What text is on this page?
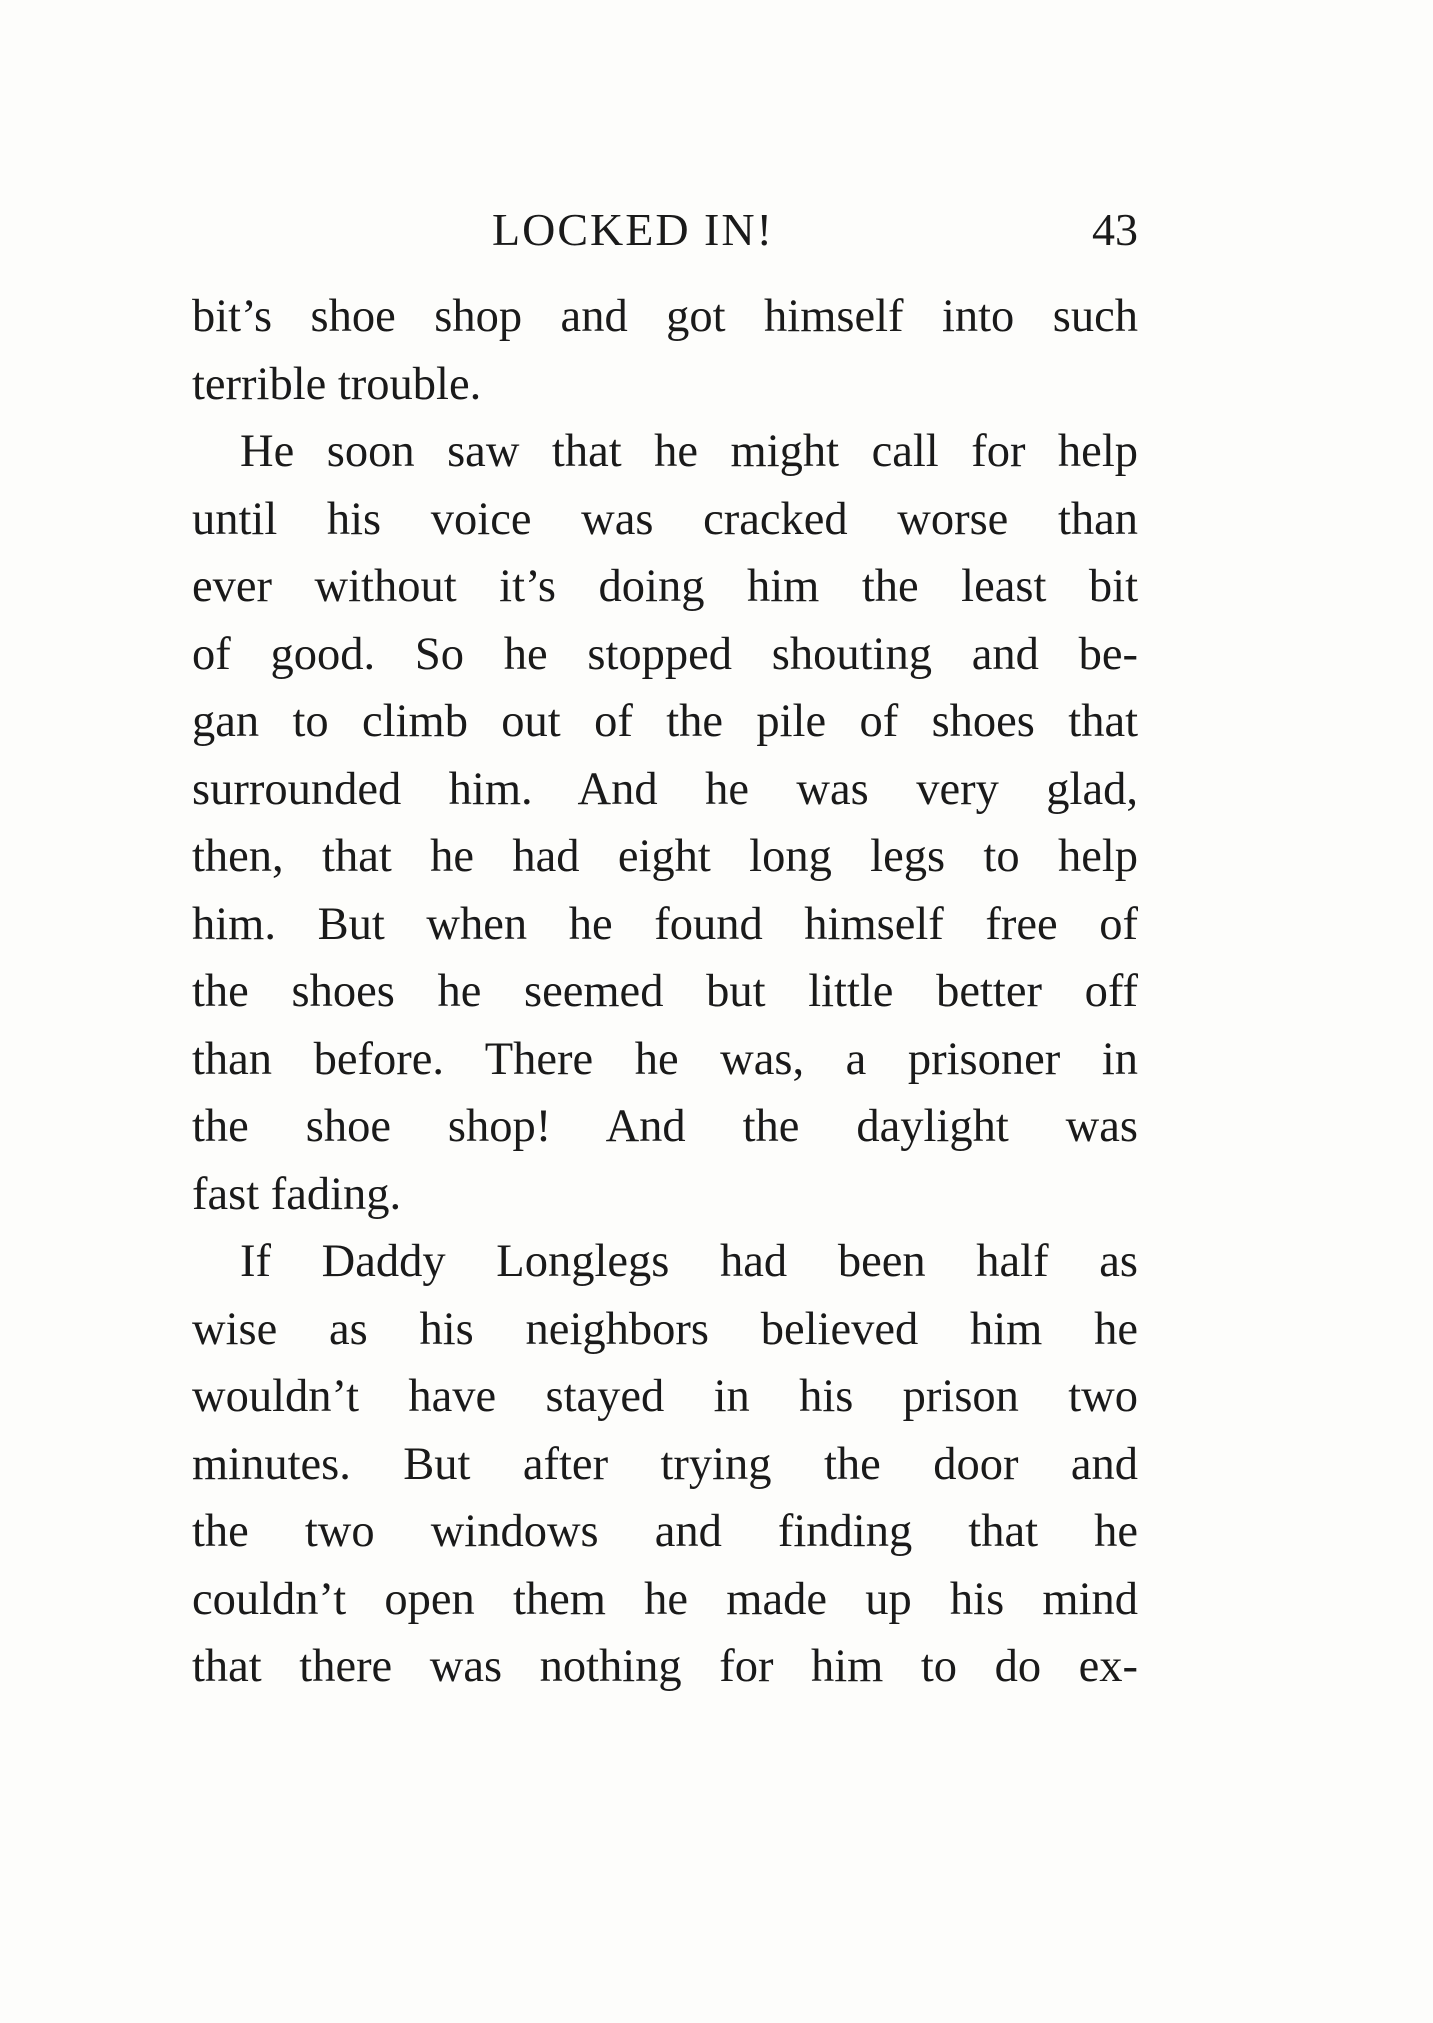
LOCKED IN!	43
bit’s shoe shop and got himself into such
terrible trouble.
He soon saw that he might call for help
until his voice was cracked worse than
ever without it’s doing him the least bit
of good. So he stopped shouting and be-
gan to climb out of the pile of shoes that
surrounded him. And he was very glad,
then, that he had eight long legs to help
him. But when he found himself free of
the shoes he seemed but little better off
than before. There he was, a prisoner in
the shoe shop! And the daylight was
fast fading.
If Daddy Longlegs had been half as
wise as his neighbors believed him he
wouldn’t have stayed in his prison two
minutes. But after trying the door and
the two windows and finding that he
couldn’t open them he made up his mind
that there was nothing for him to do ex-
